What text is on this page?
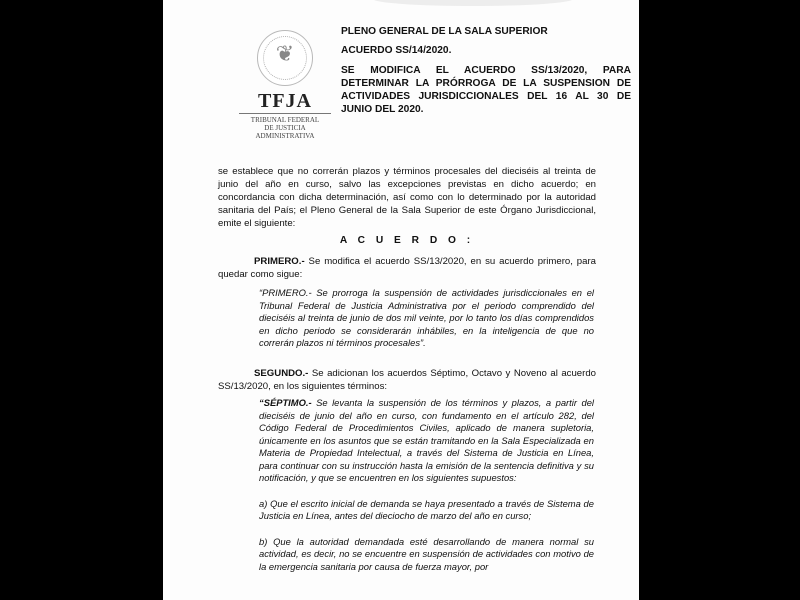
❦
TFJA
TRIBUNAL FEDERAL
DE JUSTICIA ADMINISTRATIVA
PLENO GENERAL DE LA SALA SUPERIOR
ACUERDO SS/14/2020.
SE MODIFICA EL ACUERDO SS/13/2020, PARA DETERMINAR LA PRÓRROGA DE LA SUSPENSION DE ACTIVIDADES JURISDICCIONALES DEL 16 AL 30 DE JUNIO DEL 2020.
se establece que no correrán plazos y términos procesales del dieciséis al treinta de junio del año en curso, salvo las excepciones previstas en dicho acuerdo; en concordancia con dicha determinación, así como con lo determinado por la autoridad sanitaria del País; el Pleno General de la Sala Superior de este Órgano Jurisdiccional, emite el siguiente:
A C U E R D O :
PRIMERO.- Se modifica el acuerdo SS/13/2020, en su acuerdo primero, para quedar como sigue:
“PRIMERO.- Se prorroga la suspensión de actividades jurisdiccionales en el Tribunal Federal de Justicia Administrativa por el periodo comprendido del dieciséis al treinta de junio de dos mil veinte, por lo tanto los días comprendidos en dicho periodo se considerarán inhábiles, en la inteligencia de que no correrán plazos ni términos procesales”.
SEGUNDO.- Se adicionan los acuerdos Séptimo, Octavo y Noveno al acuerdo SS/13/2020, en los siguientes términos:

“SÉPTIMO.- Se levanta la suspensión de los términos y plazos, a partir del dieciséis de junio del año en curso, con fundamento en el artículo 282, del Código Federal de Procedimientos Civiles, aplicado de manera supletoria, únicamente en los asuntos que se están tramitando en la Sala Especializada en Materia de Propiedad Intelectual, a través del Sistema de Justicia en Línea, para continuar con su instrucción hasta la emisión de la sentencia definitiva y su notificación, y que se encuentren en los siguientes supuestos:

a) Que el escrito inicial de demanda se haya presentado a través de Sistema de Justicia en Línea, antes del dieciocho de marzo del año en curso;

b) Que la autoridad demandada esté desarrollando de manera normal su actividad, es decir, no se encuentre en suspensión de actividades con motivo de la emergencia sanitaria por causa de fuerza mayor, por
